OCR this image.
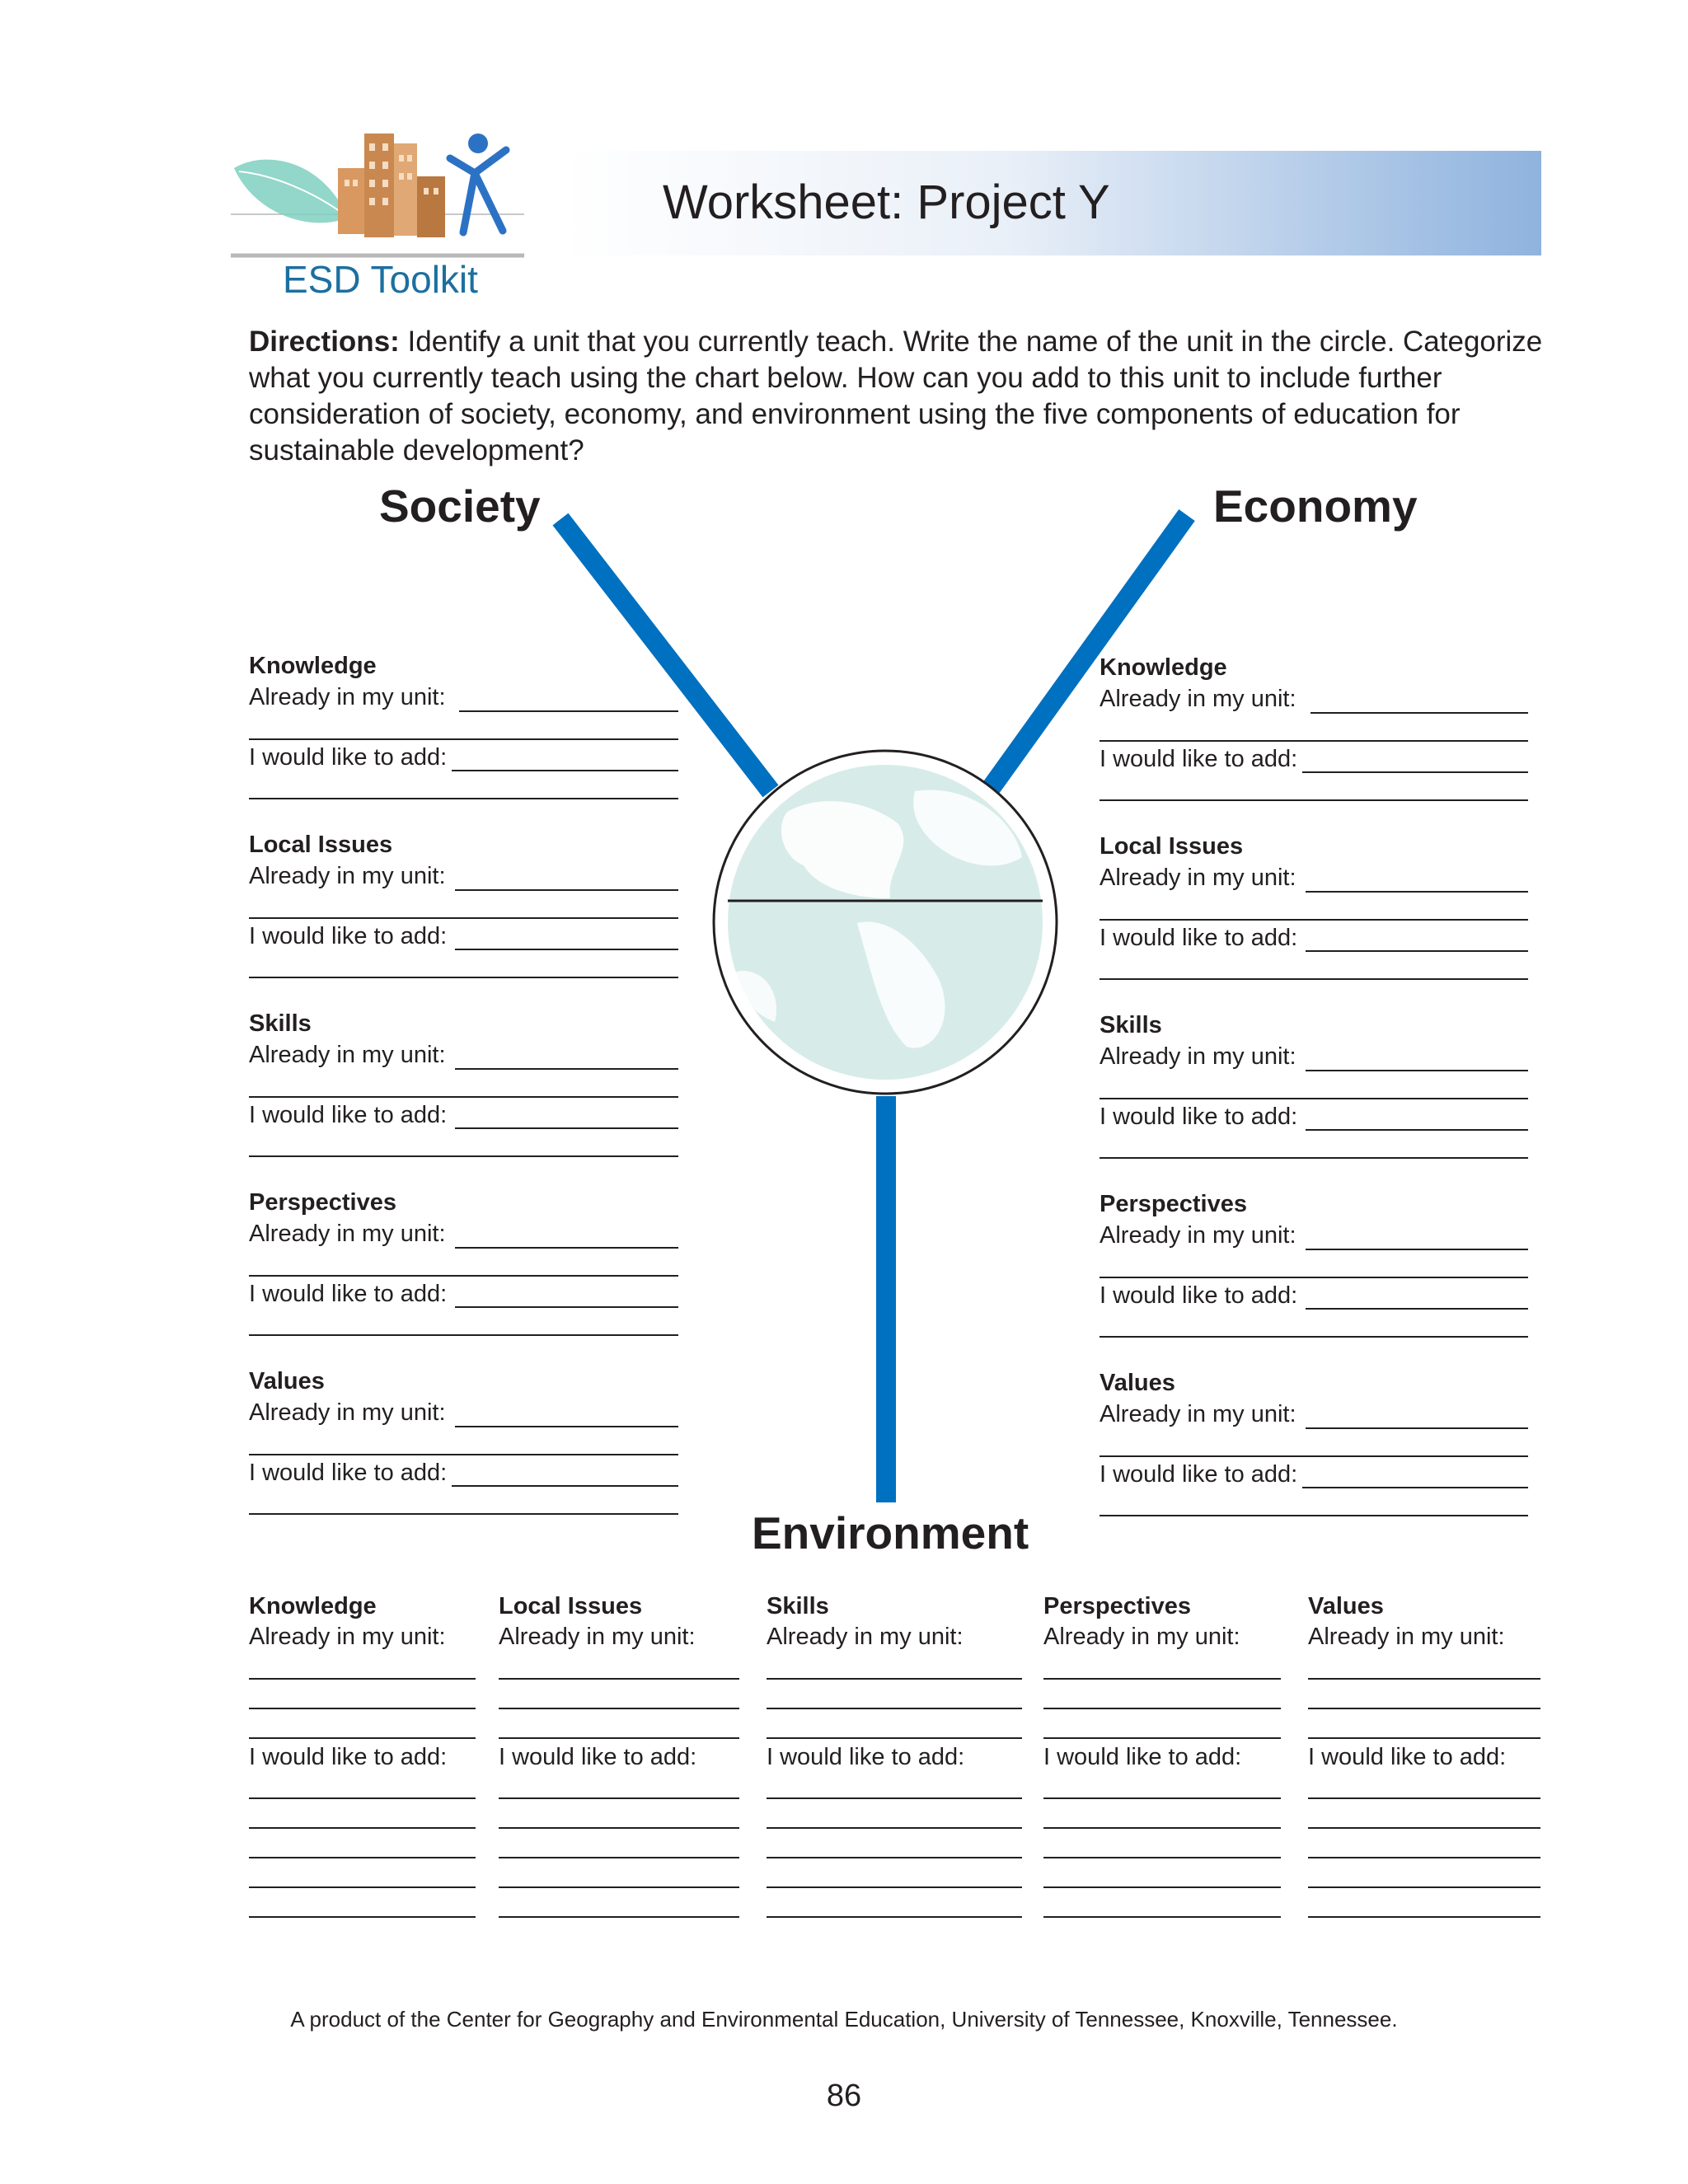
Worksheet: Project Y
ESD Toolkit
Directions: Identify a unit that you currently teach. Write the name of the unit in the circle. Categorize what you currently teach using the chart below. How can you add to this unit to include further consideration of society, economy, and environment using the five components of education for sustainable development?
Society	Economy
Environment
Knowledge
Already in my unit:
I would like to add:
Local Issues
Already in my unit:
I would like to add:
Skills
Already in my unit:
I would like to add:
Perspectives
Already in my unit:
I would like to add:
Values
Already in my unit:
I would like to add:
Knowledge
Already in my unit:
I would like to add:
Local Issues
Already in my unit:
I would like to add:
Skills
Already in my unit:
I would like to add:
Perspectives
Already in my unit:
I would like to add:
Values
Already in my unit:
I would like to add:
Knowledge
Already in my unit:
I would like to add:
Local Issues
Already in my unit:
I would like to add:
Skills
Already in my unit:
I would like to add:
Perspectives
Already in my unit:
I would like to add:
Values
Already in my unit:
I would like to add:
A product of the Center for Geography and Environmental Education, University of Tennessee, Knoxville, Tennessee.
86
